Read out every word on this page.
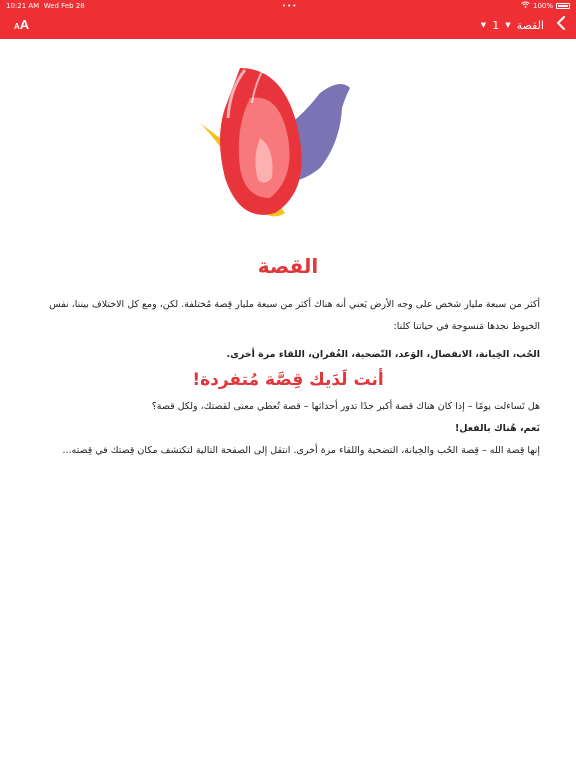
10:21 AM Wed Feb 28	•••	100%
AA	▼ 1 ▼ القصة
القصة

أكثر من سبعة مليار شخص على وجه الأرض يَعني أنه هناك أكثر من سبعة مليار قِصة مُختلفة. لكن، ومع كل الاختلاف بيننا، نفس الخيوط نجدها مَنسوجة في حياتنا كلنا:

الحُب، الخِيانة، الانفصال، الوَعد، التّضحية، الغُفران، اللقاء مرة أخرى.

أنت لَدَيك قِصَّة مُتفردة!

هل تَساءلت يومًا – إذا كان هناك قصة أكبر جدًا تدور أحداثها – قصة تُعطي معنى لقصتك، ولكل قصة؟

نَعم، هُناك بالفعل!

إنها قِصة الله – قِصة الحُب والخِيانة، التضحية واللقاء مرة أخرى. انتقل إلى الصفحة التالية لتكتشف مكان قِصتك في قِصته...
